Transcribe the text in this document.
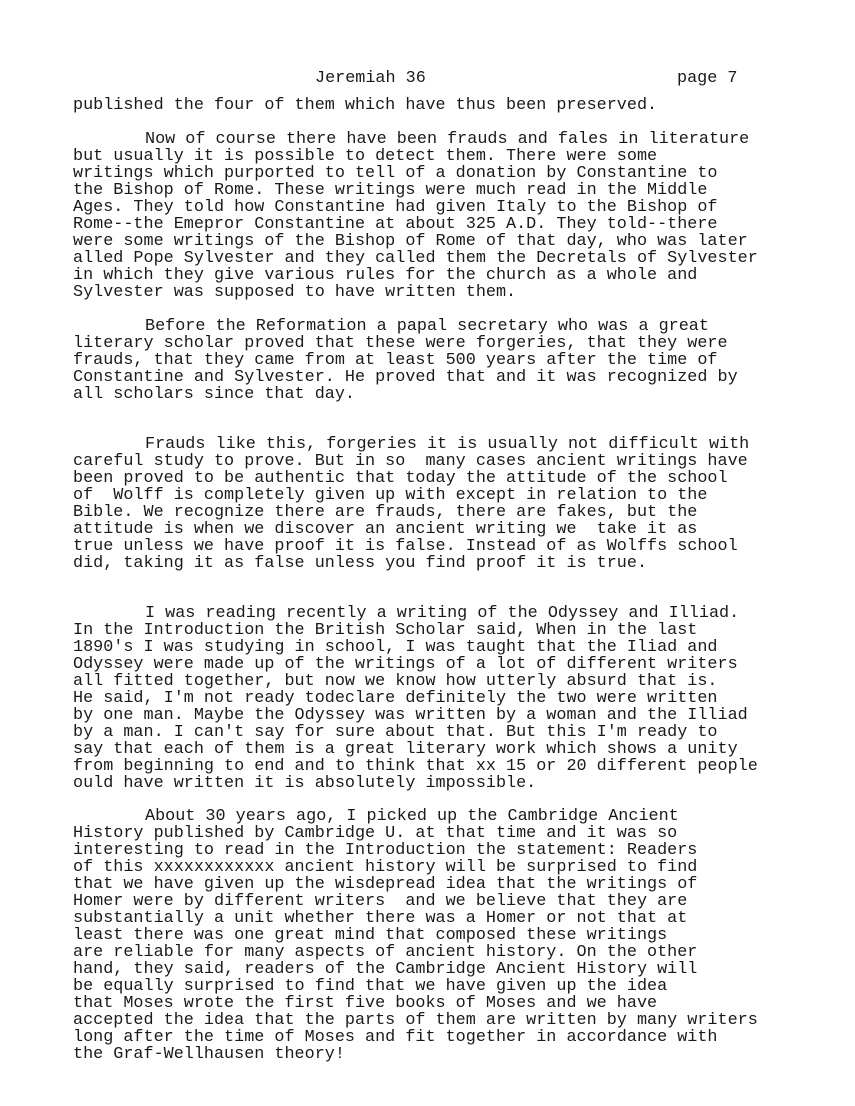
Jeremiah 36	page 7
published the four of them which have thus been preserved.
Now of course there have been frauds and fales in literature
but usually it is possible to detect them. There were some
writings which purported to tell of a donation by Constantine to
the Bishop of Rome. These writings were much read in the Middle
Ages. They told how Constantine had given Italy to the Bishop of
Rome--the Emepror Constantine at about 325 A.D. They told--there
were some writings of the Bishop of Rome of that day, who was later
alled Pope Sylvester and they called them the Decretals of Sylvester
in which they give various rules for the church as a whole and
Sylvester was supposed to have written them.
Before the Reformation a papal secretary who was a great
literary scholar proved that these were forgeries, that they were
frauds, that they came from at least 500 years after the time of
Constantine and Sylvester. He proved that and it was recognized by
all scholars since that day.
Frauds like this, forgeries it is usually not difficult with
careful study to prove. But in so  many cases ancient writings have
been proved to be authentic that today the attitude of the school
of  Wolff is completely given up with except in relation to the
Bible. We recognize there are frauds, there are fakes, but the
attitude is when we discover an ancient writing we  take it as
true unless we have proof it is false. Instead of as Wolffs school
did, taking it as false unless you find proof it is true.
I was reading recently a writing of the Odyssey and Illiad.
In the Introduction the British Scholar said, When in the last
1890's I was studying in school, I was taught that the Iliad and
Odyssey were made up of the writings of a lot of different writers
all fitted together, but now we know how utterly absurd that is.
He said, I'm not ready todeclare definitely the two were written
by one man. Maybe the Odyssey was written by a woman and the Illiad
by a man. I can't say for sure about that. But this I'm ready to
say that each of them is a great literary work which shows a unity
from beginning to end and to think that xx 15 or 20 different people
ould have written it is absolutely impossible.
About 30 years ago, I picked up the Cambridge Ancient
History published by Cambridge U. at that time and it was so
interesting to read in the Introduction the statement: Readers
of this xxxxxxxxxxxx ancient history will be surprised to find
that we have given up the wisdepread idea that the writings of
Homer were by different writers  and we believe that they are
substantially a unit whether there was a Homer or not that at
least there was one great mind that composed these writings
are reliable for many aspects of ancient history. On the other
hand, they said, readers of the Cambridge Ancient History will
be equally surprised to find that we have given up the idea
that Moses wrote the first five books of Moses and we have
accepted the idea that the parts of them are written by many writers
long after the time of Moses and fit together in accordance with
the Graf-Wellhausen theory!
